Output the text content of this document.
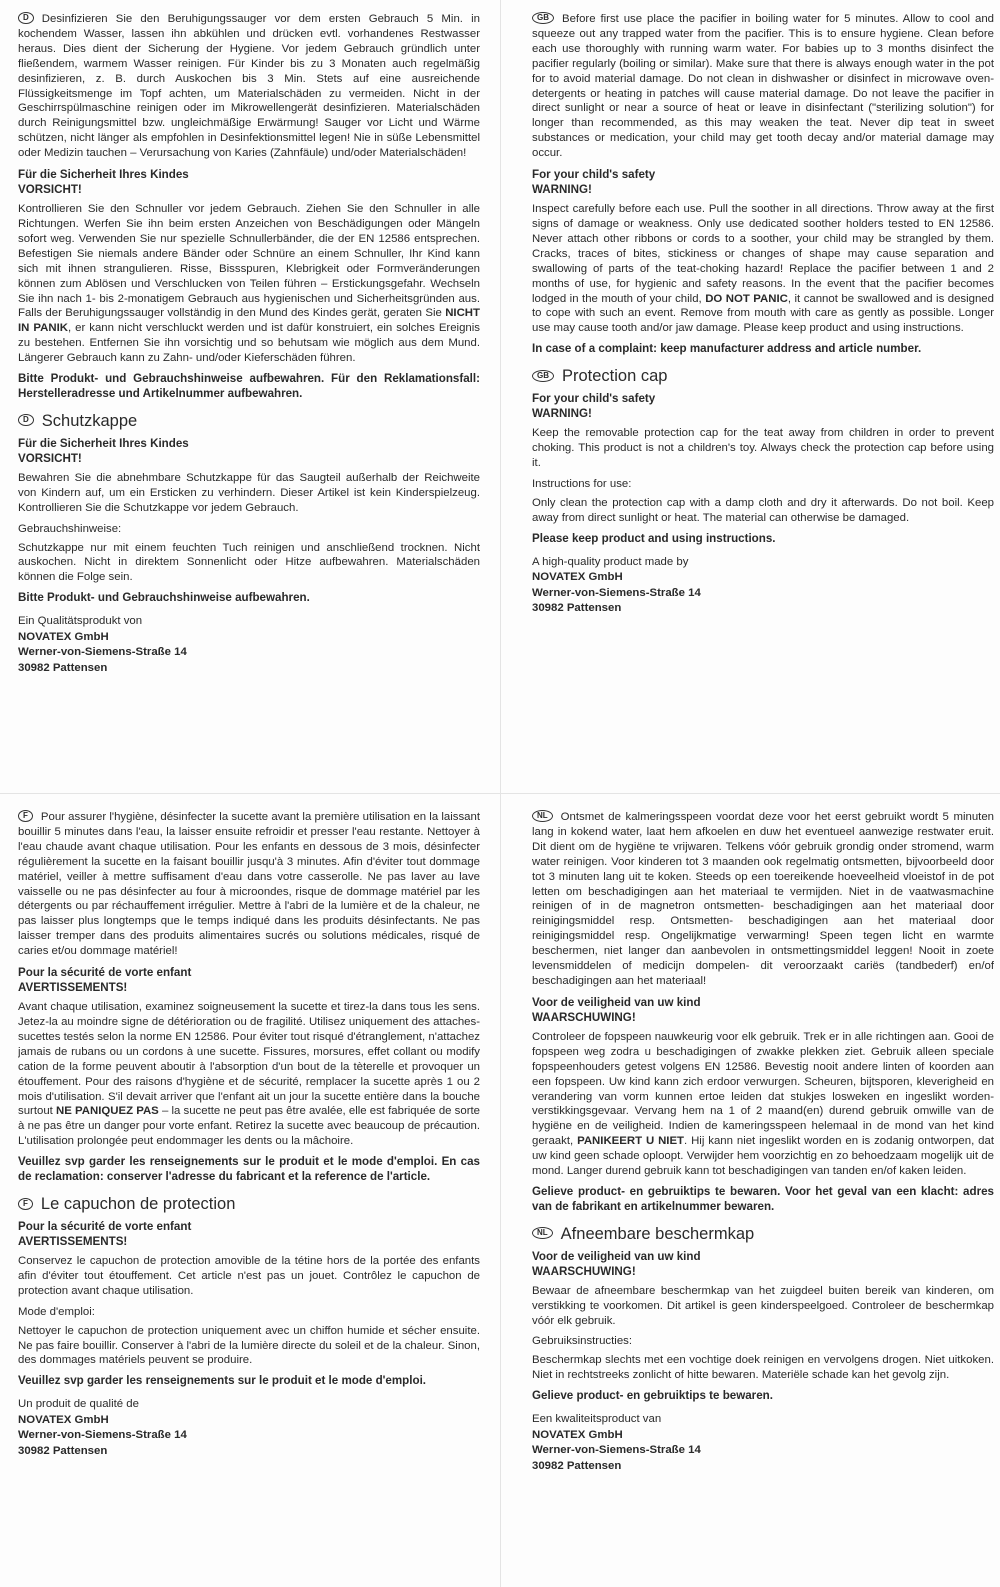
D Desinfizieren Sie den Beruhigungssauger vor dem ersten Gebrauch 5 Min. in kochendem Wasser, lassen ihn abkühlen und drücken evtl. vorhandenes Restwasser heraus. Dies dient der Sicherung der Hygiene. Vor jedem Gebrauch gründlich unter fließendem, warmem Wasser reinigen. Für Kinder bis zu 3 Monaten auch regelmäßig desinfizieren, z. B. durch Auskochen bis 3 Min. Stets auf eine ausreichende Flüssigkeitsmenge im Topf achten, um Materialschäden zu vermeiden. Nicht in der Geschirrspülmaschine reinigen oder im Mikrowellengerät desinfizieren. Materialschäden durch Reinigungsmittel bzw. ungleichmäßige Erwärmung! Sauger vor Licht und Wärme schützen, nicht länger als empfohlen in Desinfektionsmittel legen! Nie in süße Lebensmittel oder Medizin tauchen – Verursachung von Karies (Zahnfäule) und/oder Materialschäden!

Für die Sicherheit Ihres Kindes
VORSICHT!

Kontrollieren Sie den Schnuller vor jedem Gebrauch. Ziehen Sie den Schnuller in alle Richtungen. Werfen Sie ihn beim ersten Anzeichen von Beschädigungen oder Mängeln sofort weg. Verwenden Sie nur spezielle Schnullerbänder, die der EN 12586 entsprechen. Befestigen Sie niemals andere Bänder oder Schnüre an einem Schnuller, Ihr Kind kann sich mit ihnen strangulieren. Risse, Bissspuren, Klebrigkeit oder Formveränderungen können zum Ablösen und Verschlucken von Teilen führen – Erstickungsgefahr. Wechseln Sie ihn nach 1- bis 2-monatigem Gebrauch aus hygienischen und Sicherheitsgründen aus. Falls der Beruhigungssauger vollständig in den Mund des Kindes gerät, geraten Sie NICHT IN PANIK, er kann nicht verschluckt werden und ist dafür konstruiert, ein solches Ereignis zu bestehen. Entfernen Sie ihn vorsichtig und so behutsam wie möglich aus dem Mund. Längerer Gebrauch kann zu Zahn- und/oder Kieferschäden führen.

Bitte Produkt- und Gebrauchshinweise aufbewahren. Für den Reklamationsfall: Herstelleradresse und Artikelnummer aufbewahren.

D Schutzkappe
Für die Sicherheit Ihres Kindes
VORSICHT!

Bewahren Sie die abnehmbare Schutzkappe für das Saugteil außerhalb der Reichweite von Kindern auf, um ein Ersticken zu verhindern. Dieser Artikel ist kein Kinderspielzeug. Kontrollieren Sie die Schutzkappe vor jedem Gebrauch.

Gebrauchshinweise:

Schutzkappe nur mit einem feuchten Tuch reinigen und anschließend trocknen. Nicht auskochen. Nicht in direktem Sonnenlicht oder Hitze aufbewahren. Materialschäden können die Folge sein.

Bitte Produkt- und Gebrauchshinweise aufbewahren.

Ein Qualitätsprodukt von
NOVATEX GmbH
Werner-von-Siemens-Straße 14
30982 Pattensen

GB Before first use place the pacifier in boiling water for 5 minutes. Allow to cool and squeeze out any trapped water from the pacifier. This is to ensure hygiene. Clean before each use thoroughly with running warm water. For babies up to 3 months disinfect the pacifier regularly (boiling or similar). Make sure that there is always enough water in the pot for to avoid material damage. Do not clean in dishwasher or disinfect in microwave oven- detergents or heating in patches will cause material damage. Do not leave the pacifier in direct sunlight or near a source of heat or leave in disinfectant ("sterilizing solution") for longer than recommended, as this may weaken the teat. Never dip teat in sweet substances or medication, your child may get tooth decay and/or material damage may occur.

For your child's safety
WARNING!

Inspect carefully before each use. Pull the soother in all directions. Throw away at the first signs of damage or weakness. Only use dedicated soother holders tested to EN 12586. Never attach other ribbons or cords to a soother, your child may be strangled by them. Cracks, traces of bites, stickiness or changes of shape may cause separation and swallowing of parts of the teat-choking hazard! Replace the pacifier between 1 and 2 months of use, for hygienic and safety reasons. In the event that the pacifier becomes lodged in the mouth of your child, DO NOT PANIC, it cannot be swallowed and is designed to cope with such an event. Remove from mouth with care as gently as possible. Longer use may cause tooth and/or jaw damage. Please keep product and using instructions.

In case of a complaint: keep manufacturer address and article number.

GB Protection cap
For your child's safety
WARNING!

Keep the removable protection cap for the teat away from children in order to prevent choking. This product is not a children's toy. Always check the protection cap before using it.

Instructions for use:

Only clean the protection cap with a damp cloth and dry it afterwards. Do not boil. Keep away from direct sunlight or heat. The material can otherwise be damaged.

Please keep product and using instructions.

A high-quality product made by
NOVATEX GmbH
Werner-von-Siemens-Straße 14
30982 Pattensen

F Pour assurer l'hygiène, désinfecter la sucette avant la première utilisation en la laissant bouillir 5 minutes dans l'eau, la laisser ensuite refroidir et presser l'eau restante. Nettoyer à l'eau chaude avant chaque utilisation. Pour les enfants en dessous de 3 mois, désinfecter régulièrement la sucette en la faisant bouillir jusqu'à 3 minutes. Afin d'éviter tout dommage matériel, veiller à mettre suffisament d'eau dans votre casserolle. Ne pas laver au lave vaisselle ou ne pas désinfecter au four à microondes, risque de dommage matériel par les détergents ou par réchauffement irrégulier. Mettre à l'abri de la lumière et de la chaleur, ne pas laisser plus longtemps que le temps indiqué dans les produits désinfectants. Ne pas laisser tremper dans des produits alimentaires sucrés ou solutions médicales, risqué de caries et/ou dommage matériel!

Pour la sécurité de vorte enfant
AVERTISSEMENTS!

Avant chaque utilisation, examinez soigneusement la sucette et tirez-la dans tous les sens. Jetez-la au moindre signe de détérioration ou de fragilité. Utilisez uniquement des attaches-sucettes testés selon la norme EN 12586. Pour éviter tout risqué d'étranglement, n'attachez jamais de rubans ou un cordons à une sucette. Fissures, morsures, effet collant ou modify cation de la forme peuvent aboutir à l'absorption d'un bout de la tèterelle et provoquer un étouffement. Pour des raisons d'hygiène et de sécurité, remplacer la sucette après 1 ou 2 mois d'utilisation. S'il devait arriver que l'enfant ait un jour la sucette entière dans la bouche surtout NE PANIQUEZ PAS – la sucette ne peut pas être avalée, elle est fabriquée de sorte à ne pas être un danger pour vorte enfant. Retirez la sucette avec beaucoup de précaution. L'utilisation prolongée peut endommager les dents ou la mâchoire.

Veuillez svp garder les renseignements sur le produit et le mode d'emploi. En cas de reclamation: conserver l'adresse du fabricant et la reference de l'article.

F Le capuchon de protection
Pour la sécurité de vorte enfant
AVERTISSEMENTS!

Conservez le capuchon de protection amovible de la tétine hors de la portée des enfants afin d'éviter tout étouffement. Cet article n'est pas un jouet. Contrôlez le capuchon de protection avant chaque utilisation.

Mode d'emploi:

Nettoyer le capuchon de protection uniquement avec un chiffon humide et sécher ensuite. Ne pas faire bouillir. Conserver à l'abri de la lumière directe du soleil et de la chaleur. Sinon, des dommages matériels peuvent se produire.

Veuillez svp garder les renseignements sur le produit et le mode d'emploi.

Un produit de qualité de
NOVATEX GmbH
Werner-von-Siemens-Straße 14
30982 Pattensen

NL Ontsmet de kalmeringsspeen voordat deze voor het eerst gebruikt wordt 5 minuten lang in kokend water, laat hem afkoelen en duw het eventueel aanwezige restwater eruit. Dit dient om de hygiëne te vrijwaren. Telkens vóór gebruik grondig onder stromend, warm water reinigen. Voor kinderen tot 3 maanden ook regelmatig ontsmetten, bijvoorbeeld door tot 3 minuten lang uit te koken. Steeds op een toereikende hoeveelheid vloeistof in de pot letten om beschadigingen aan het materiaal te vermijden. Niet in de vaatwasmachine reinigen of in de magnetron ontsmetten- beschadigingen aan het materiaal door reinigingsmiddel resp. Ontsmetten- beschadigingen aan het materiaal door reinigingsmiddel resp. Ongelijkmatige verwarming! Speen tegen licht en warmte beschermen, niet langer dan aanbevolen in ontsmettingsmiddel leggen! Nooit in zoete levensmiddelen of medicijn dompelen- dit veroorzaakt cariës (tandbederf) en/of beschadigingen aan het materiaal!

Voor de veiligheid van uw kind
WAARSCHUWING!

Controleer de fopspeen nauwkeurig voor elk gebruik. Trek er in alle richtingen aan. Gooi de fopspeen weg zodra u beschadigingen of zwakke plekken ziet. Gebruik alleen speciale fopspeenhouders getest volgens EN 12586. Bevestig nooit andere linten of koorden aan een fopspeen. Uw kind kann zich erdoor verwurgen. Scheuren, bijtsporen, kleverigheid en verandering van vorm kunnen ertoe leiden dat stukjes losweken en ingeslikt worden- verstikkingsgevaar. Vervang hem na 1 of 2 maand(en) durend gebruik omwille van de hygiëne en de veiligheid. Indien de kameringsspeen helemaal in de mond van het kind geraakt, PANIKEERT U NIET. Hij kann niet ingeslikt worden en is zodanig ontworpen, dat uw kind geen schade oploopt. Verwijder hem voorzichtig en zo behoedzaam mogelijk uit de mond. Langer durend gebruik kann tot beschadigingen van tanden en/of kaken leiden.

Gelieve product- en gebruiktips te bewaren. Voor het geval van een klacht: adres van de fabrikant en artikelnummer bewaren.

NL Afneembare beschermkap
Voor de veiligheid van uw kind
WAARSCHUWING!

Bewaar de afneembare beschermkap van het zuigdeel buiten bereik van kinderen, om verstikking te voorkomen. Dit artikel is geen kinderspeelgoed. Controleer de beschermkap vóór elk gebruik.

Gebruiksinstructies:

Beschermkap slechts met een vochtige doek reinigen en vervolgens drogen. Niet uitkoken. Niet in rechtstreeks zonlicht of hitte bewaren. Materiële schade kan het gevolg zijn.

Gelieve product- en gebruiktips te bewaren.

Een kwaliteitsproduct van
NOVATEX GmbH
Werner-von-Siemens-Straße 14
30982 Pattensen
